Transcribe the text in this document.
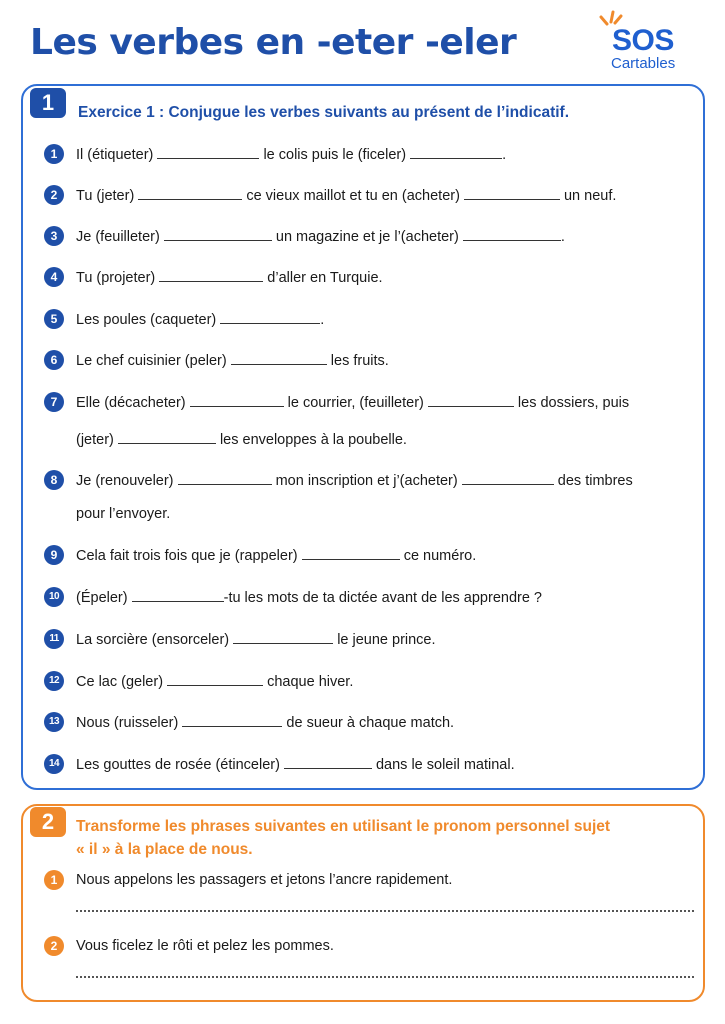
Les verbes en -eter -eler	SOS
Cartables
1	Exercice 1 : Conjugue les verbes suivants au présent de l’indicatif.
1	Il (étiqueter)	le colis puis le (ficeler)	.
2	Tu (jeter)	ce vieux maillot et tu en (acheter)	un neuf.
3	Je (feuilleter)	un magazine et je l’(acheter)	.
4	Tu (projeter)	d’aller en Turquie.
5	Les poules (caqueter)	.
6	Le chef cuisinier (peler)	les fruits.
7	Elle (décacheter)	le courrier, (feuilleter)	les dossiers, puis
(jeter)	les enveloppes à la poubelle.
8	Je (renouveler)	mon inscription et j’(acheter)	des timbres
pour l’envoyer.
9	Cela fait trois fois que je (rappeler)	ce numéro.
10	(Épeler)	-tu les mots de ta dictée avant de les apprendre ?
11	La sorcière (ensorceler)	le jeune prince.
12	Ce lac (geler)	chaque hiver.
13	Nous (ruisseler)	de sueur à chaque match.
14	Les gouttes de rosée (étinceler)	dans le soleil matinal.
2	Transforme les phrases suivantes en utilisant le pronom personnel sujet
« il » à la place de nous.
1	Nous appelons les passagers et jetons l’ancre rapidement.
2	Vous ficelez le rôti et pelez les pommes.
